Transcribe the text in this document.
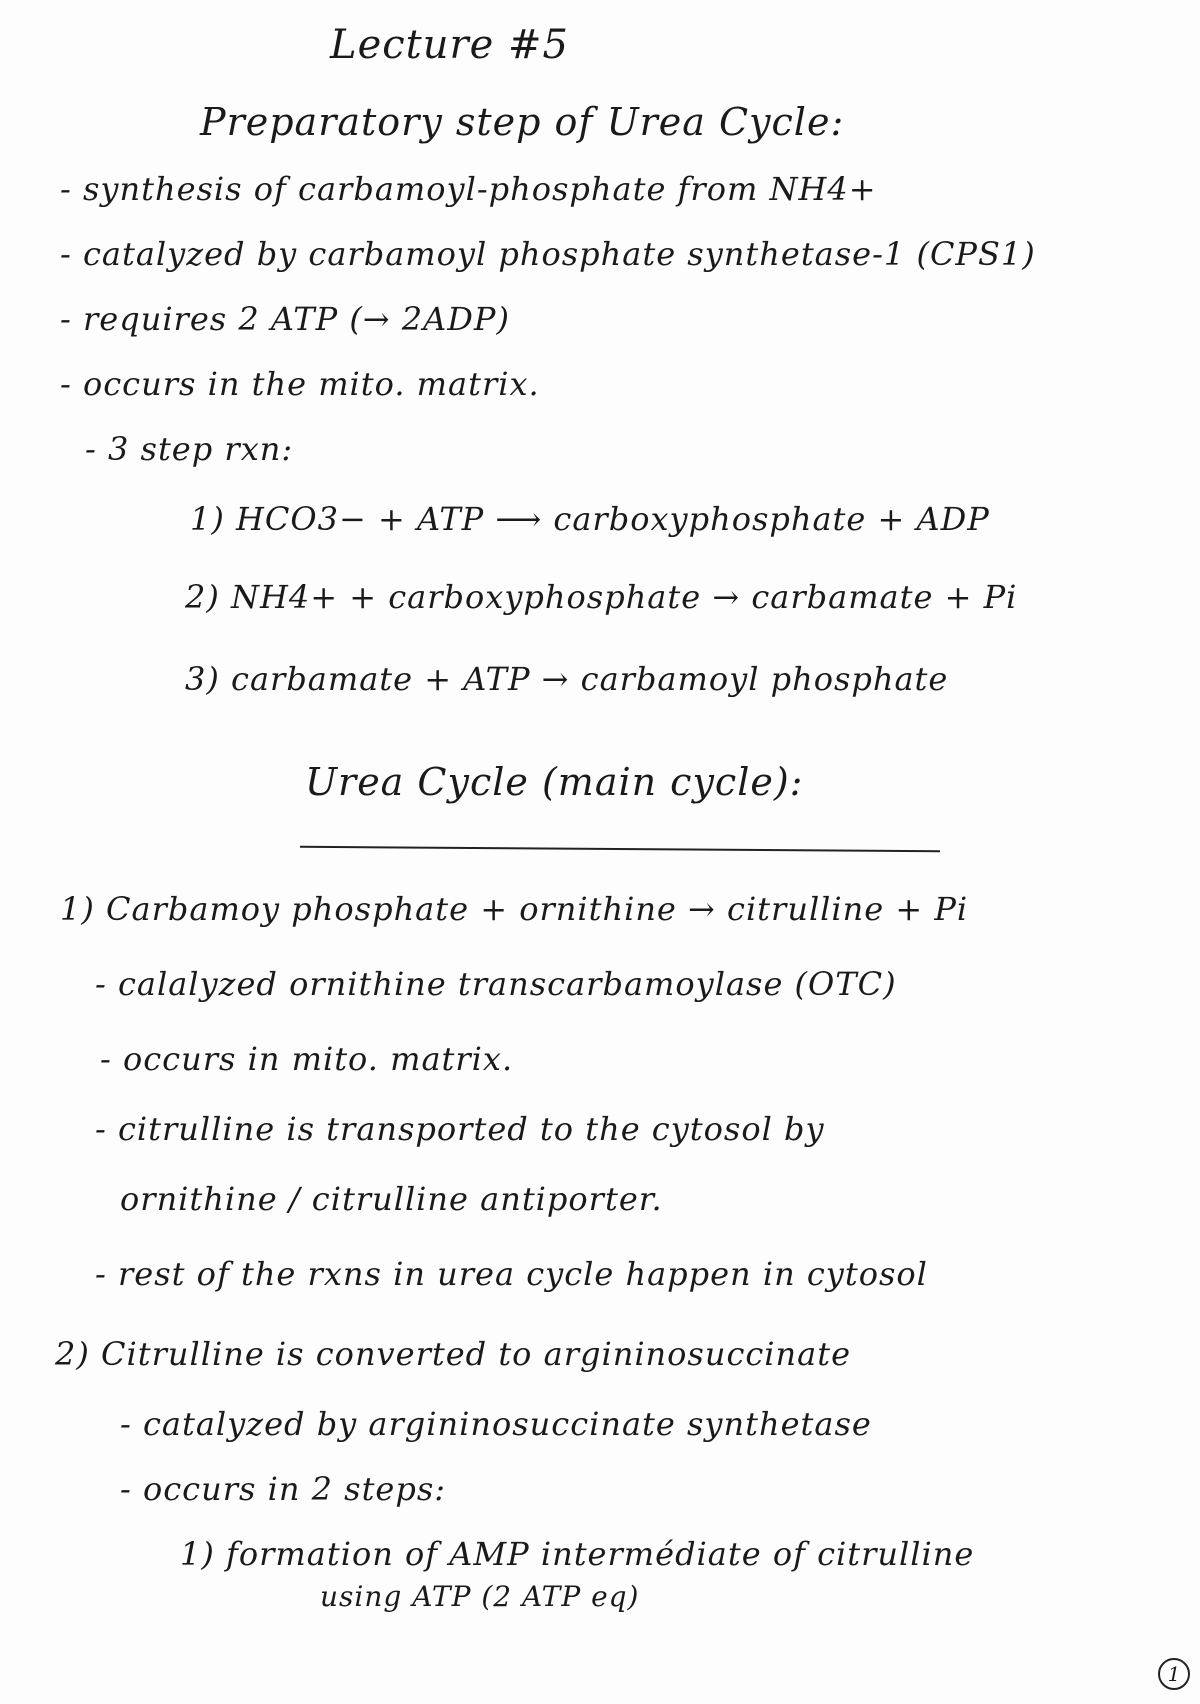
Lecture #5
Preparatory step of Urea Cycle:
- synthesis of carbamoyl-phosphate from NH4+
- catalyzed by carbamoyl phosphate synthetase-1 (CPS1)
- requires 2 ATP (→ 2ADP)
- occurs in the mito. matrix.
- 3 step rxn:
1) HCO3− + ATP ⟶ carboxyphosphate + ADP
2) NH4+ + carboxyphosphate → carbamate + Pi
3) carbamate + ATP → carbamoyl phosphate
Urea Cycle (main cycle):
1) Carbamoy phosphate + ornithine → citrulline + Pi
- calalyzed ornithine transcarbamoylase (OTC)
- occurs in mito. matrix.
- citrulline is transported to the cytosol by
ornithine / citrulline antiporter.
- rest of the rxns in urea cycle happen in cytosol
2) Citrulline is converted to argininosuccinate
- catalyzed by argininosuccinate synthetase
- occurs in 2 steps:
1) formation of AMP intermédiate of citrulline
using ATP (2 ATP eq)
1
